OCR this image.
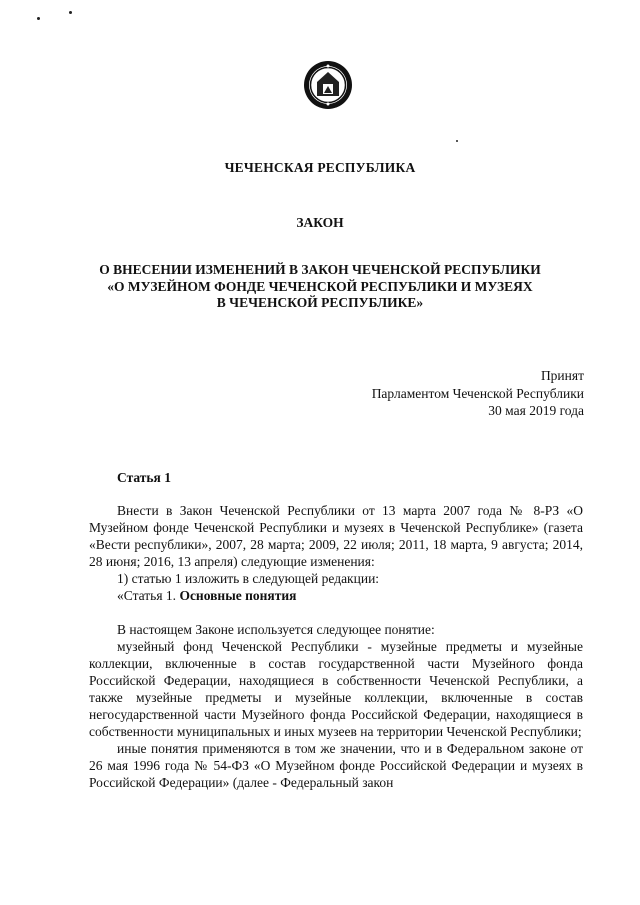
ЧЕЧЕНСКАЯ РЕСПУБЛИКА
ЗАКОН
О ВНЕСЕНИИ ИЗМЕНЕНИЙ В ЗАКОН ЧЕЧЕНСКОЙ РЕСПУБЛИКИ
«О МУЗЕЙНОМ ФОНДЕ ЧЕЧЕНСКОЙ РЕСПУБЛИКИ И МУЗЕЯХ
В ЧЕЧЕНСКОЙ РЕСПУБЛИКЕ»
Принят
Парламентом Чеченской Республики
30 мая 2019 года
Статья 1

Внести в Закон Чеченской Республики от 13 марта 2007 года № 8-РЗ «О Музейном фонде Чеченской Республики и музеях в Чеченской Республике» (газета «Вести республики», 2007, 28 марта; 2009, 22 июля; 2011, 18 марта, 9 августа; 2014, 28 июня; 2016, 13 апреля) следующие изменения:

1) статью 1 изложить в следующей редакции:

«Статья 1. Основные понятия

В настоящем Законе используется следующее понятие:

музейный фонд Чеченской Республики - музейные предметы и музейные коллекции, включенные в состав государственной части Музейного фонда Российской Федерации, находящиеся в собственности Чеченской Республики, а также музейные предметы и музейные коллекции, включенные в состав негосударственной части Музейного фонда Российской Федерации, находящиеся в собственности муниципальных и иных музеев на территории Чеченской Республики;

иные понятия применяются в том же значении, что и в Федеральном законе от 26 мая 1996 года № 54-ФЗ «О Музейном фонде Российской Федерации и музеях в Российской Федерации» (далее - Федеральный закон
